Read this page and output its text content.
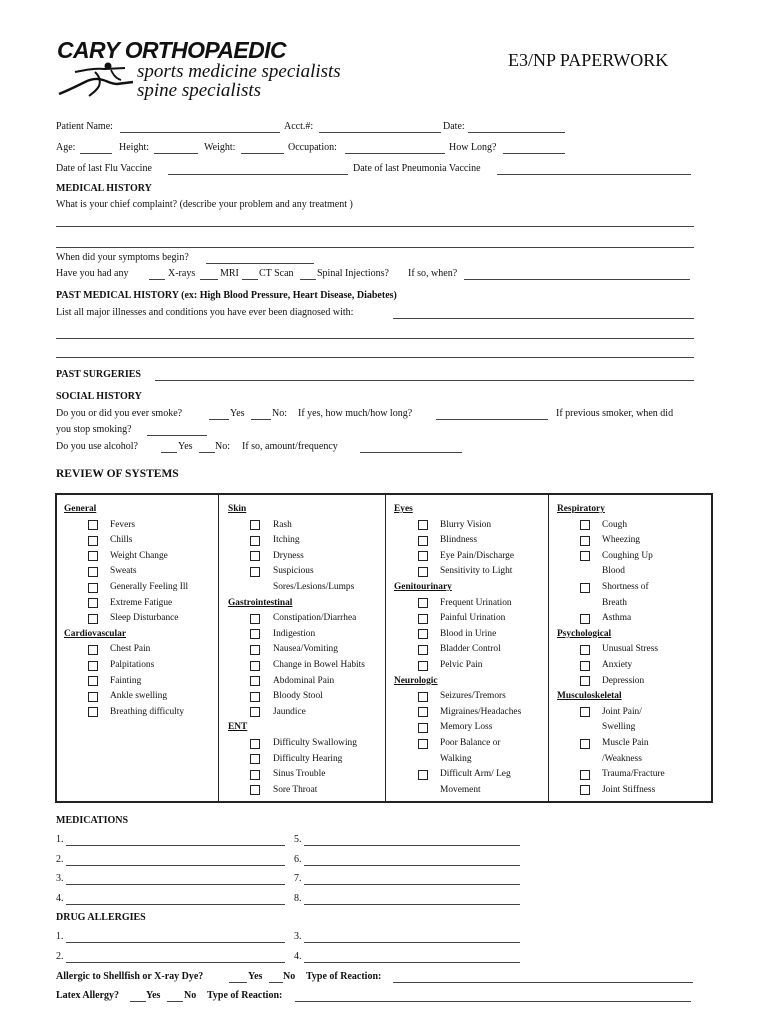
CARY ORTHOPAEDIC
sports medicine specialists
spine specialists
E3/NP PAPERWORK
Patient Name:	Acct.#:	Date:
Age:	Height:	Weight:	Occupation:	How Long?
Date of last Flu Vaccine	Date of last Pneumonia Vaccine
MEDICAL HISTORY
What is your chief complaint? (describe your problem and any treatment )
When did your symptoms begin?
Have you had any	X-rays MRI CT Scan Spinal Injections? If so, when?
PAST MEDICAL HISTORY (ex: High Blood Pressure, Heart Disease, Diabetes)
List all major illnesses and conditions you have ever been diagnosed with:
PAST SURGERIES
SOCIAL HISTORY
Do you or did you ever smoke?	Yes	No: If yes, how much/how long?	If previous smoker, when did
you stop smoking?
Do you use alcohol?	Yes No: If so, amount/frequency
REVIEW OF SYSTEMS
General
Fevers
Chills
Weight Change
Sweats
Generally Feeling Ill
Extreme Fatigue
Sleep Disturbance
Cardiovascular
Chest Pain
Palpitations
Fainting
Ankle swelling
Breathing difficulty
Skin
Rash
Itching
Dryness
Suspicious
Sores/Lesions/Lumps
Gastrointestinal
Constipation/Diarrhea
Indigestion
Nausea/Vomiting
Change in Bowel Habits
Abdominal Pain
Bloody Stool
Jaundice
ENT
Difficulty Swallowing
Difficulty Hearing
Sinus Trouble
Sore Throat
Eyes
Blurry Vision
Blindness
Eye Pain/Discharge
Sensitivity to Light
Genitourinary
Frequent Urination
Painful Urination
Blood in Urine
Bladder Control
Pelvic Pain
Neurologic
Seizures/Tremors
Migraines/Headaches
Memory Loss
Poor Balance or
Walking
Difficult Arm/ Leg
Movement
Respiratory
Cough
Wheezing
Coughing Up
Blood
Shortness of
Breath
Asthma
Psychological
Unusual Stress
Anxiety
Depression
Musculoskeletal
Joint Pain/
Swelling
Muscle Pain
/Weakness
Trauma/Fracture
Joint Stiffness
MEDICATIONS
1.
2.
3.
4.
5.
6.
7.
8.
DRUG ALLERGIES
1.
2.
3.
4.
Allergic to Shellfish or X-ray Dye?	Yes No Type of Reaction:
Latex Allergy?	Yes No Type of Reaction:
